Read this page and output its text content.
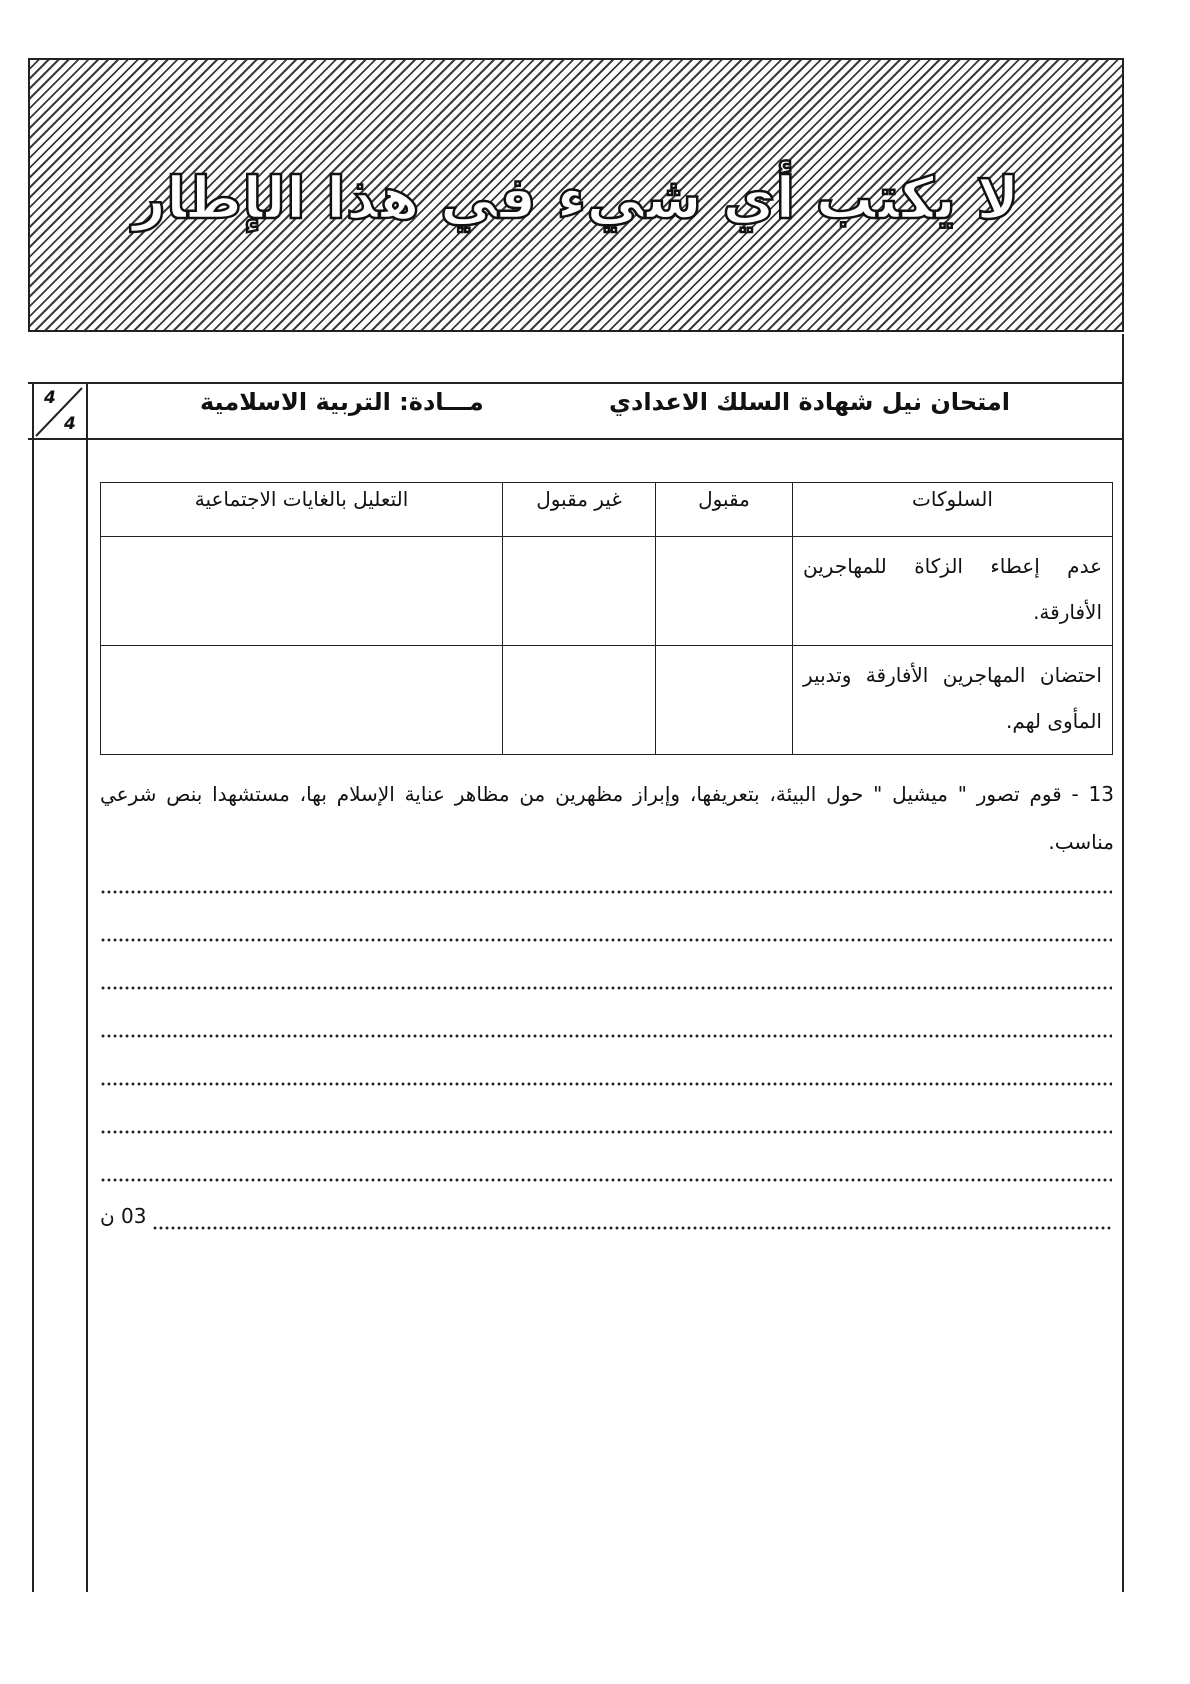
لا يكتب أي شيء في هذا الإطار
4
4
امتحان نيل شهادة السلك الاعدادي
مـــادة: التربية الاسلامية
السلوكات	مقبول	غير مقبول	التعليل بالغايات الاجتماعية
عدم إعطاء الزكاة للمهاجرين الأفارقة.			
احتضان المهاجرين الأفارقة وتدبير المأوى لهم.			
13 - قوم تصور " ميشيل " حول البيئة، بتعريفها، وإبراز مظهرين من مظاهر عناية الإسلام بها، مستشهدا بنص شرعي مناسب.
03 ن
